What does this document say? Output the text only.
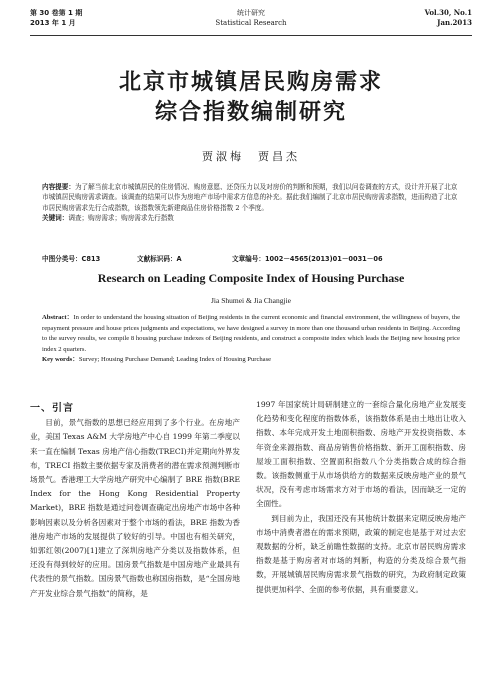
第 30 卷第 1 期
2013 年 1 月
统计研究
Statistical Research
Vol.30, No.1
Jan.2013
北京市城镇居民购房需求
综合指数编制研究
贾淑梅　贾昌杰

内容提要：为了解当前北京市城镇居民的住房情况、购房意愿、还贷压力以及对房价的判断和预期，我们以问卷调查的方式，设计并开展了北京市城镇居民购房需求调查。该调查的结果可以作为房地产市场中需求方信息的补充。据此我们编制了北京市居民购房需求指数，进而构造了北京市居民购房需求先行合成指数，该指数领先新建商品住房价格指数 2 个季度。

关键词：调查；购房需求；购房需求先行指数

中图分类号：C813	文献标识码：A	文章编号：1002－4565(2013)01－0031－06
Research on Leading Composite Index of Housing Purchase
Jia Shumei & Jia Changjie

Abstract：In order to understand the housing situation of Beijing residents in the current economic and financial environment, the willingness of buyers, the repayment pressure and house prices judgments and expectations, we have designed a survey in more than one thousand urban residents in Beijing. According to the survey results, we compile 8 housing purchase indexes of Beijing residents, and construct a composite index which leads the Beijing new housing price index 2 quarters.

Key words：Survey; Housing Purchase Demand; Leading Index of Housing Purchase

一、引言

目前，景气指数的思想已经应用到了多个行业。在房地产业，美国 Texas A&M 大学房地产中心自 1999 年第二季度以来一直在编制 Texas 房地产信心指数(TRECI)并定期向外界发布，TRECI 指数主要依据专家及消费者的潜在需求预测判断市场景气。香港理工大学房地产研究中心编制了 BRE 指数(BRE Index for the Hong Kong Residential Property Market)，BRE 指数是通过问卷调查确定出房地产市场中各种影响因素以及分析各因素对于整个市场的看法，BRE 指数为香港房地产市场的发展提供了较好的引导。中国也有相关研究，如郭红领(2007)[1]建立了深圳房地产分类以及指数体系，但还没有得到较好的应用。国房景气指数是中国房地产业最具有代表性的景气指数。国房景气指数也称国房指数，是“全国房地产开发业综合景气指数”的简称，是

1997 年国家统计局研制建立的一套综合量化房地产业发展变化趋势和变化程度的指数体系，该指数体系是由土地出让收入指数、本年完成开发土地面积指数、房地产开发投资指数、本年资金来源指数、商品房销售价格指数、新开工面积指数、房屋竣工面积指数、空置面积指数八个分类指数合成的综合指数。该指数侧重于从市场供给方的数据来反映房地产业的景气状况，没有考虑市场需求方对于市场的看法，因而缺乏一定的全面性。

到目前为止，我国还没有其他统计数据来定期反映房地产市场中消费者潜在的需求预期，政策的制定也是基于对过去宏观数据的分析，缺乏前瞻性数据的支持。北京市居民购房需求指数是基于购房者对市场的判断，构造的分类及综合景气指数，开展城镇居民购房需求景气指数的研究，为政府制定政策提供更加科学、全面的参考依据，具有重要意义。
